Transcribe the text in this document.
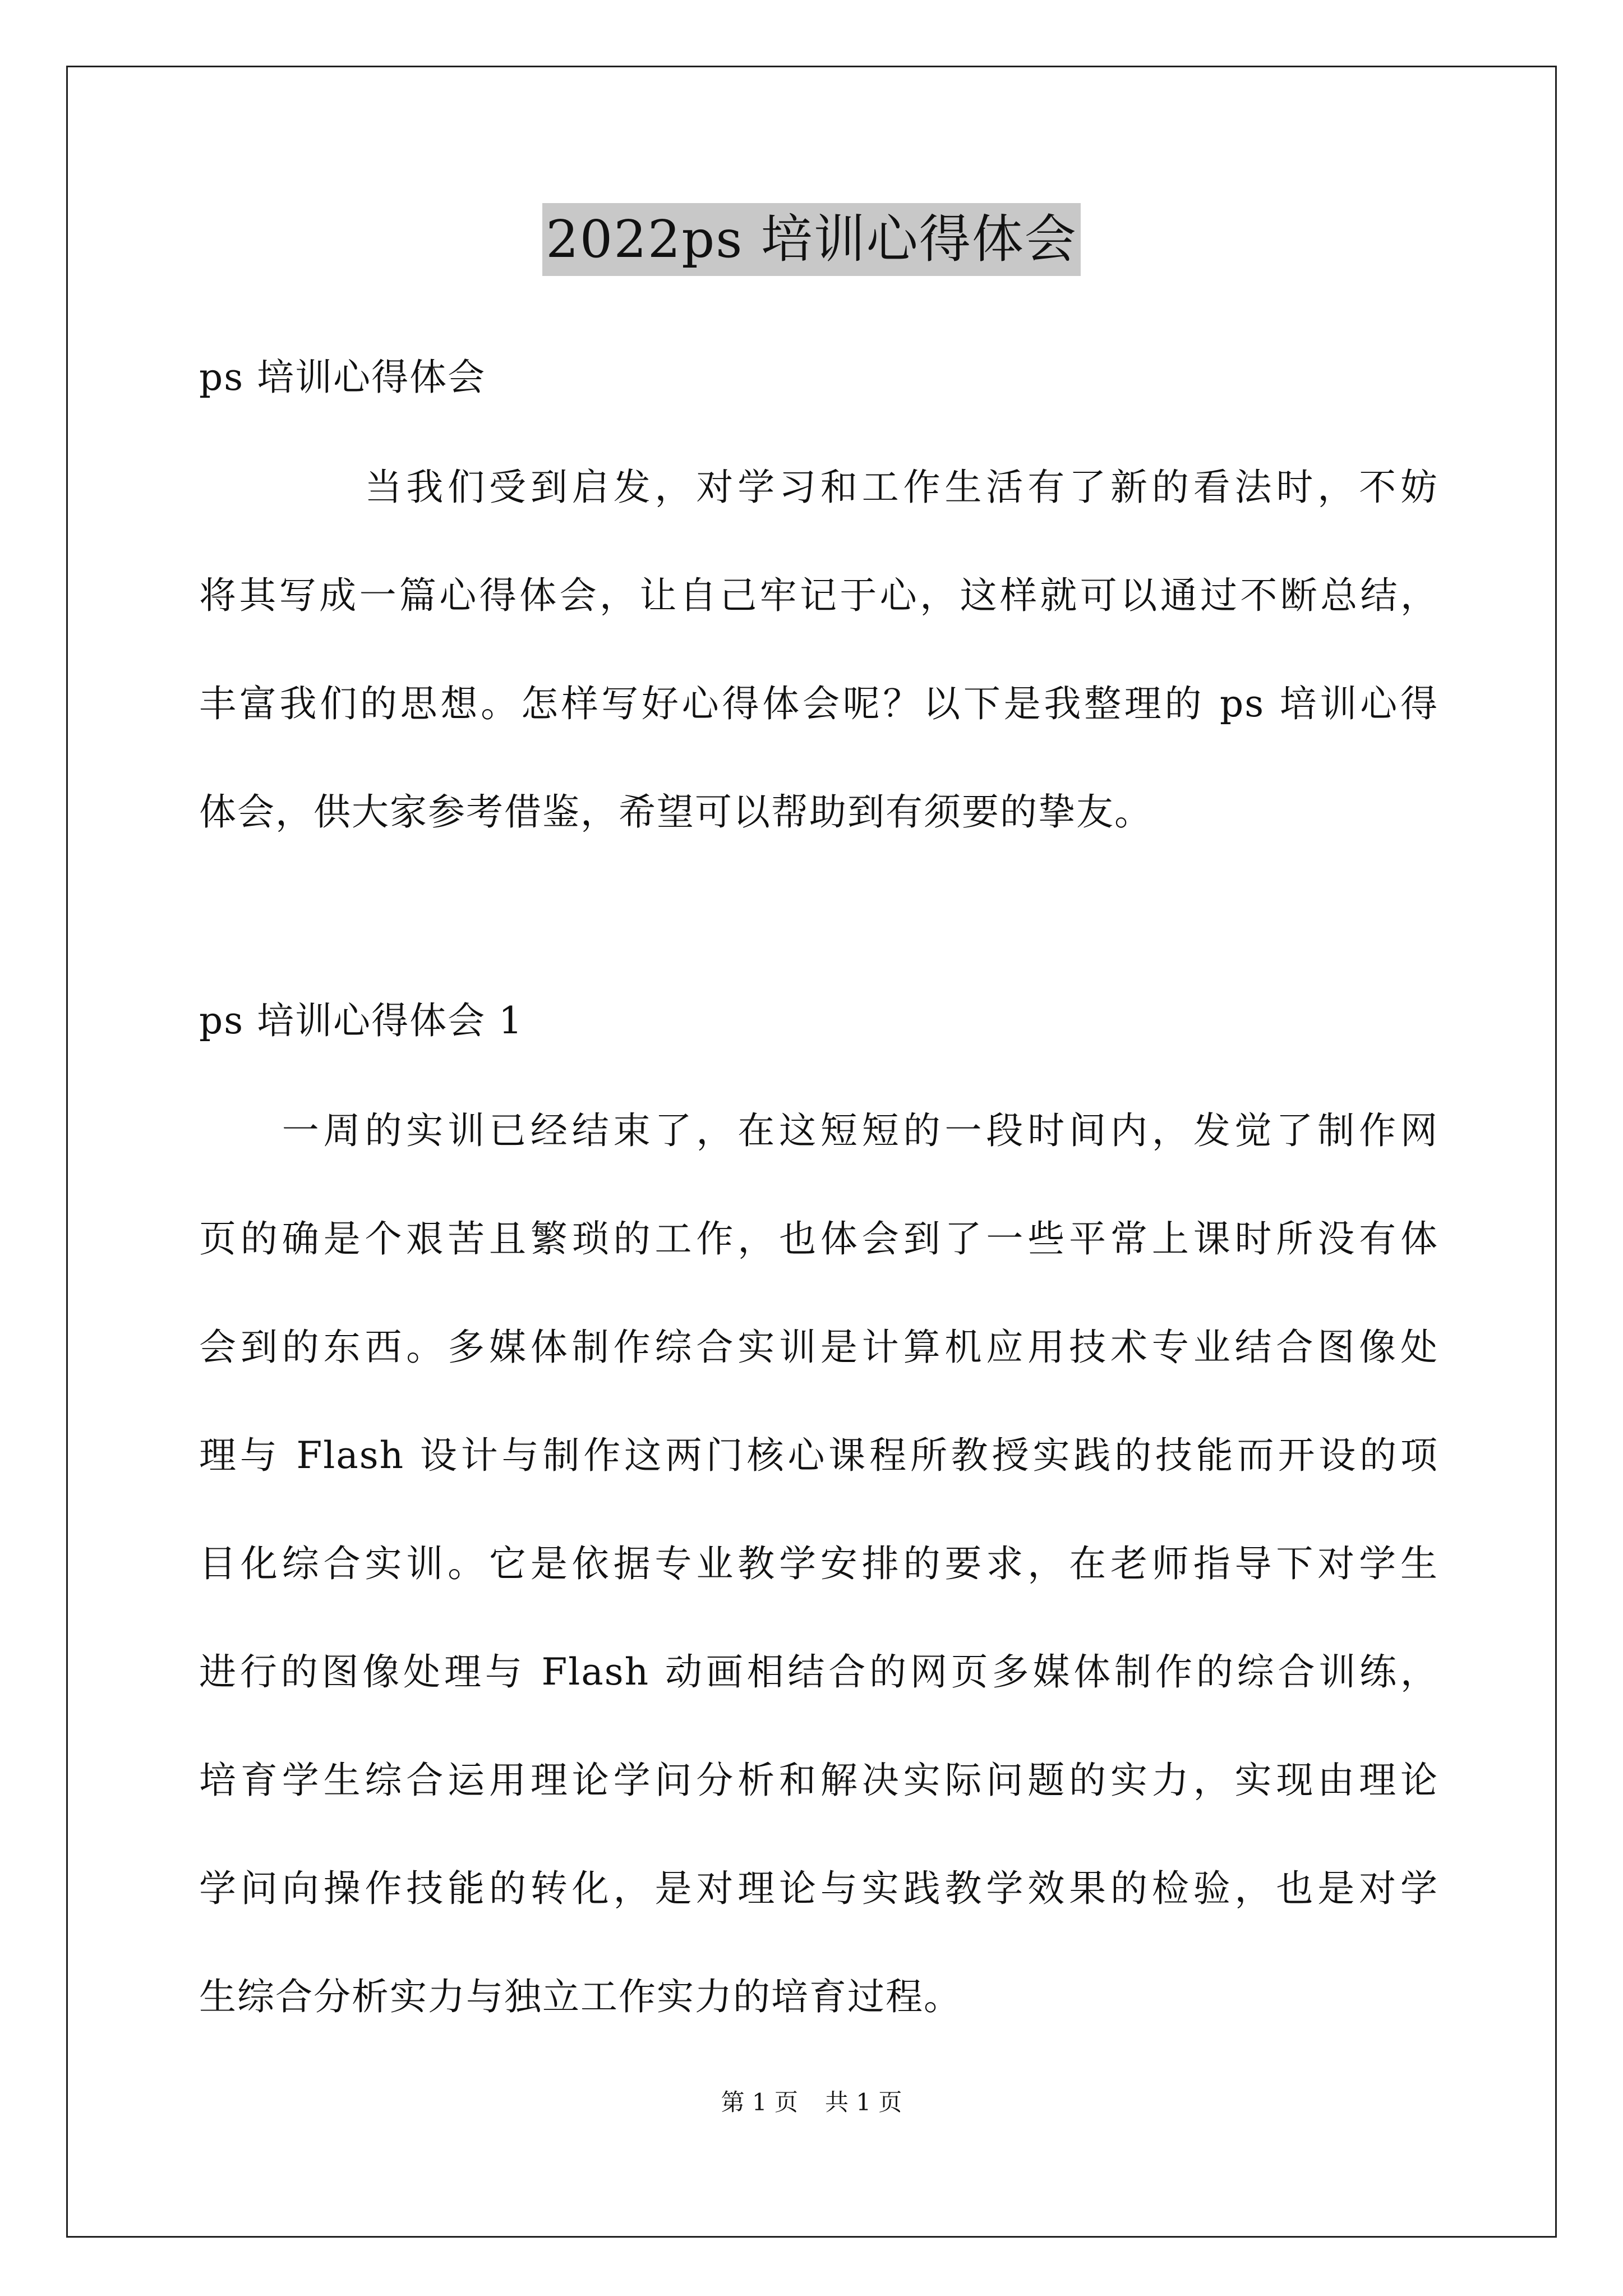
2022ps 培训心得体会
ps 培训心得体会
　　　　当我们受到启发，对学习和工作生活有了新的看法时，不妨
将其写成一篇心得体会，让自己牢记于心，这样就可以通过不断总结，
丰富我们的思想。怎样写好心得体会呢？以下是我整理的 ps 培训心得
体会，供大家参考借鉴，希望可以帮助到有须要的挚友。
ps 培训心得体会 1
　　一周的实训已经结束了，在这短短的一段时间内，发觉了制作网
页的确是个艰苦且繁琐的工作，也体会到了一些平常上课时所没有体
会到的东西。多媒体制作综合实训是计算机应用技术专业结合图像处
理与 Flash 设计与制作这两门核心课程所教授实践的技能而开设的项
目化综合实训。它是依据专业教学安排的要求，在老师指导下对学生
进行的图像处理与 Flash 动画相结合的网页多媒体制作的综合训练，
培育学生综合运用理论学问分析和解决实际问题的实力，实现由理论
学问向操作技能的转化，是对理论与实践教学效果的检验，也是对学
生综合分析实力与独立工作实力的培育过程。
第 1 页 共 1 页
